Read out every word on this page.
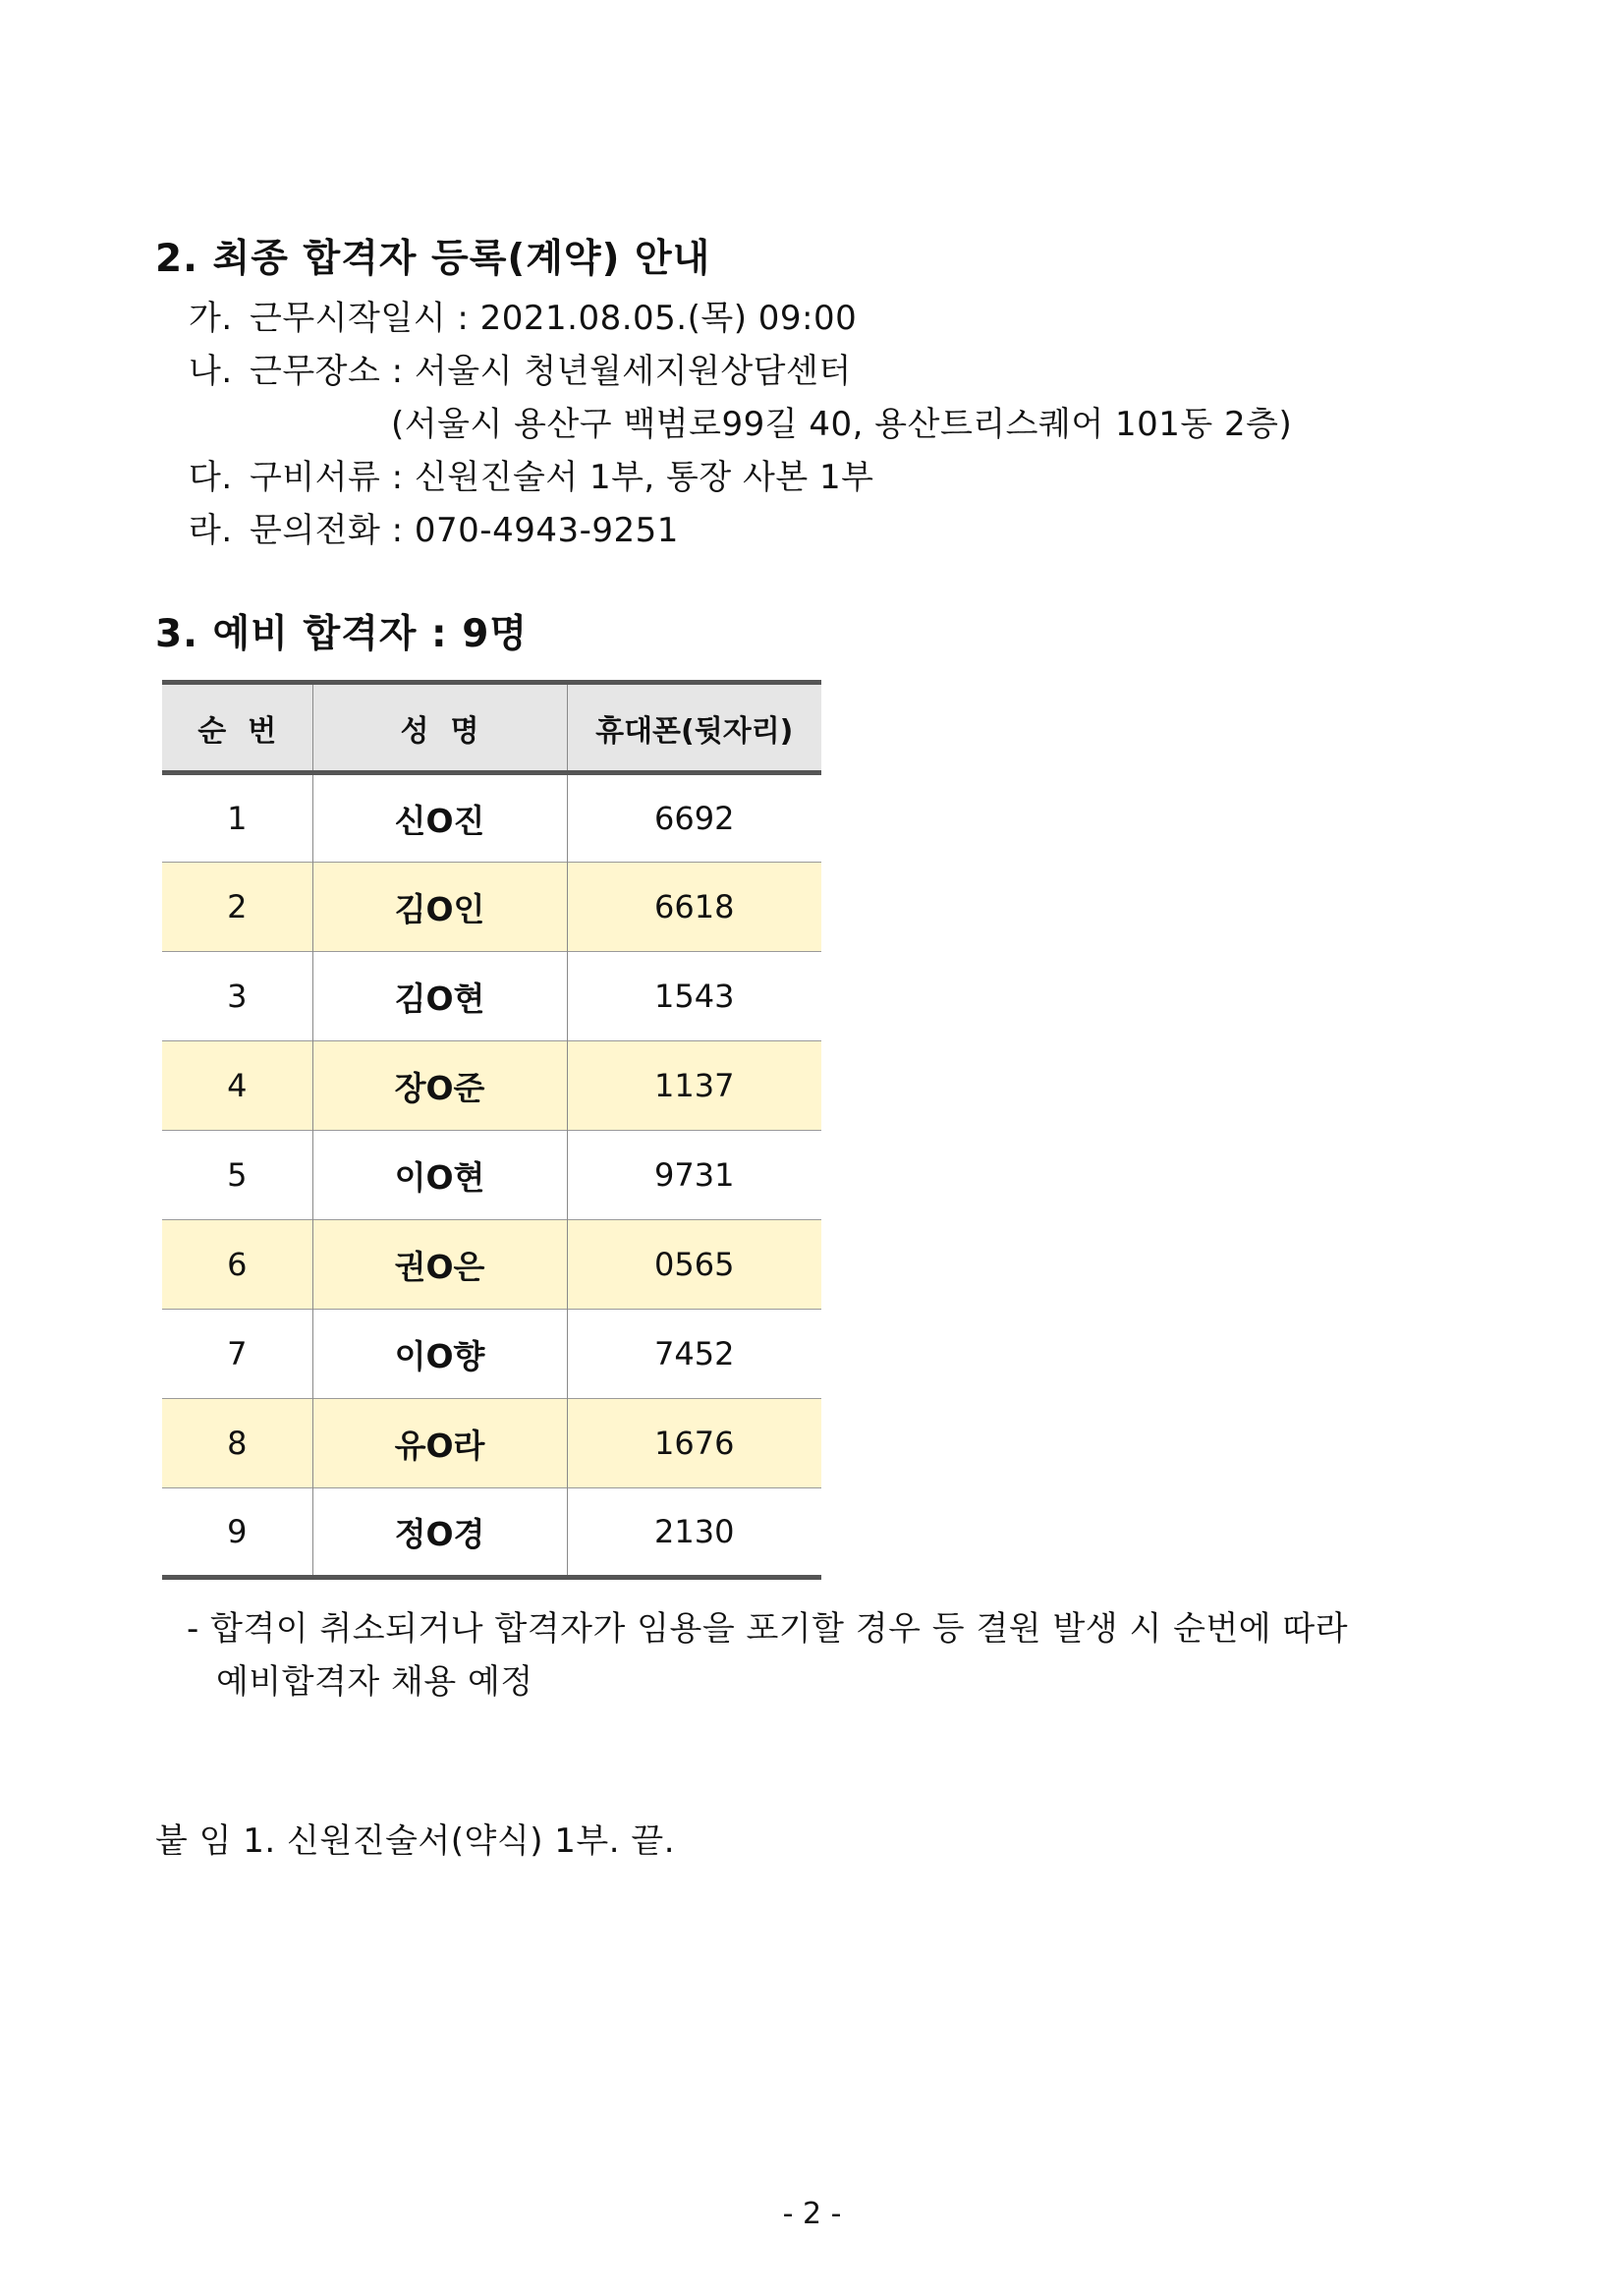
2. 최종 합격자 등록(계약) 안내
가. 근무시작일시 : 2021.08.05.(목) 09:00
나. 근무장소 : 서울시 청년월세지원상담센터
(서울시 용산구 백범로99길 40, 용산트리스퀘어 101동 2층)
다. 구비서류 : 신원진술서 1부, 통장 사본 1부
라. 문의전화 : 070-4943-9251
3. 예비 합격자 : 9명
순번	성명	휴대폰(뒷자리)
1	신O진	6692
2	김O인	6618
3	김O현	1543
4	장O준	1137
5	이O현	9731
6	권O은	0565
7	이O향	7452
8	유O라	1676
9	정O경	2130
- 합격이 취소되거나 합격자가 임용을 포기할 경우 등 결원 발생 시 순번에 따라
예비합격자 채용 예정
붙 임 1. 신원진술서(약식) 1부. 끝.
- 2 -
